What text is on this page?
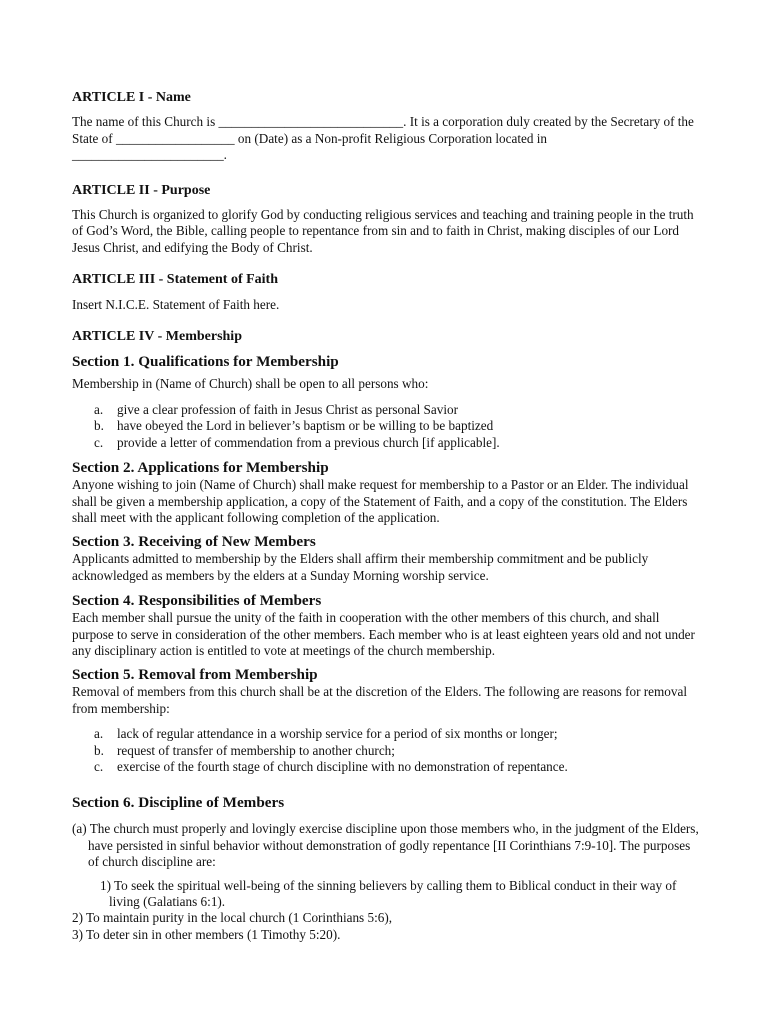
ARTICLE I - Name

The name of this Church is ____________________________. It is a corporation duly created by the Secretary of the State of __________________ on (Date) as a Non-profit Religious Corporation located in _______________________.

ARTICLE II - Purpose

This Church is organized to glorify God by conducting religious services and teaching and training people in the truth of God’s Word, the Bible, calling people to repentance from sin and to faith in Christ, making disciples of our Lord Jesus Christ, and edifying the Body of Christ.

ARTICLE III - Statement of Faith

Insert N.I.C.E. Statement of Faith here.

ARTICLE IV - Membership

Section 1. Qualifications for Membership

Membership in (Name of Church) shall be open to all persons who:

a. give a clear profession of faith in Jesus Christ as personal Savior
b. have obeyed the Lord in believer’s baptism or be willing to be baptized
c. provide a letter of commendation from a previous church [if applicable].

Section 2. Applications for Membership

Anyone wishing to join (Name of Church) shall make request for membership to a Pastor or an Elder. The individual shall be given a membership application, a copy of the Statement of Faith, and a copy of the constitution. The Elders shall meet with the applicant following completion of the application.

Section 3. Receiving of New Members

Applicants admitted to membership by the Elders shall affirm their membership commitment and be publicly acknowledged as members by the elders at a Sunday Morning worship service.

Section 4. Responsibilities of Members

Each member shall pursue the unity of the faith in cooperation with the other members of this church, and shall purpose to serve in consideration of the other members. Each member who is at least eighteen years old and not under any disciplinary action is entitled to vote at meetings of the church membership.

Section 5. Removal from Membership

Removal of members from this church shall be at the discretion of the Elders. The following are reasons for removal from membership:

a. lack of regular attendance in a worship service for a period of six months or longer;
b. request of transfer of membership to another church;
c. exercise of the fourth stage of church discipline with no demonstration of repentance.

Section 6. Discipline of Members

(a) The church must properly and lovingly exercise discipline upon those members who, in the judgment of the Elders, have persisted in sinful behavior without demonstration of godly repentance [II Corinthians 7:9-10]. The purposes of church discipline are:

1) To seek the spiritual well-being of the sinning believers by calling them to Biblical conduct in their way of living (Galatians 6:1).

2) To maintain purity in the local church (1 Corinthians 5:6),

3) To deter sin in other members (1 Timothy 5:20).
